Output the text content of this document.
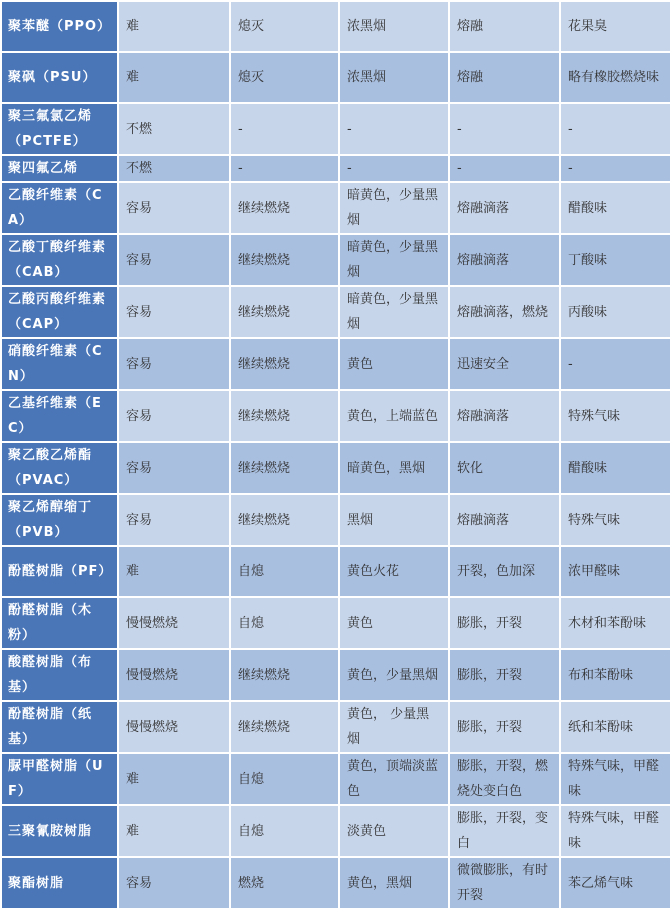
聚苯醚（PPO）	难	熄灭	浓黑烟	熔融	花果臭
聚砜（PSU）	难	熄灭	浓黑烟	熔融	略有橡胶燃烧味
聚三氟氯乙烯（PCTFE）	不燃	-	-	-	-
聚四氟乙烯	不燃	-	-	-	-
乙酸纤维素（CA）	容易	继续燃烧	暗黄色，少量黑烟	熔融滴落	醋酸味
乙酸丁酸纤维素（CAB）	容易	继续燃烧	暗黄色，少量黑烟	熔融滴落	丁酸味
乙酸丙酸纤维素（CAP）	容易	继续燃烧	暗黄色，少量黑烟	熔融滴落，燃烧	丙酸味
硝酸纤维素（CN）	容易	继续燃烧	黄色	迅速安全	-
乙基纤维素（EC）	容易	继续燃烧	黄色，上端蓝色	熔融滴落	特殊气味
聚乙酸乙烯酯（PVAC）	容易	继续燃烧	暗黄色，黑烟	软化	醋酸味
聚乙烯醇缩丁（PVB）	容易	继续燃烧	黑烟	熔融滴落	特殊气味
酚醛树脂（PF）	难	自熄	黄色火花	开裂，色加深	浓甲醛味
酚醛树脂（木粉）	慢慢燃烧	自熄	黄色	膨胀，开裂	木材和苯酚味
酸醛树脂（布基）	慢慢燃烧	继续燃烧	黄色，少量黑烟	膨胀，开裂	布和苯酚味
酚醛树脂（纸基）	慢慢燃烧	继续燃烧	黄色， 少量黑烟	膨胀，开裂	纸和苯酚味
脲甲醛树脂（UF）	难	自熄	黄色，顶端淡蓝色	膨胀，开裂，燃烧处变白色	特殊气味，甲醛味
三聚氰胺树脂	难	自熄	淡黄色	膨胀，开裂，变白	特殊气味，甲醛味
聚酯树脂	容易	燃烧	黄色，黑烟	微微膨胀，有时开裂	苯乙烯气味
